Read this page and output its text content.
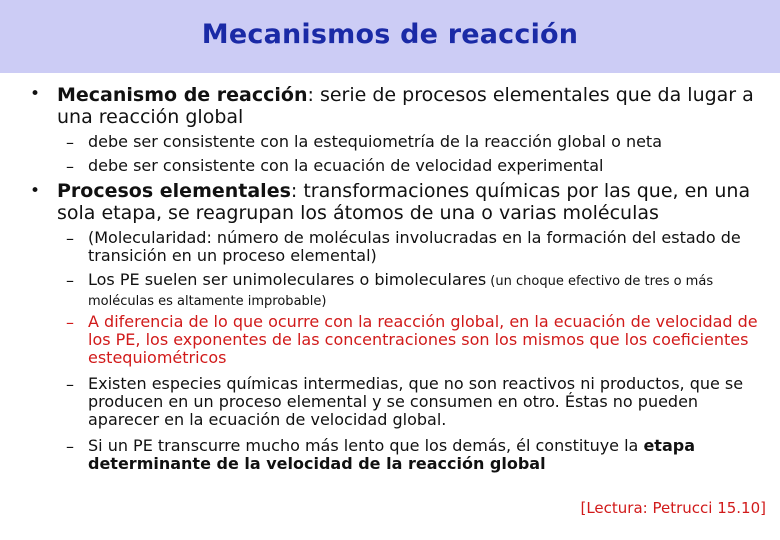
Mecanismos de reacción
• Mecanismo de reacción: serie de procesos elementales que da lugar a una reacción global
– debe ser consistente con la estequiometría de la reacción global o neta
– debe ser consistente con la ecuación de velocidad experimental
• Procesos elementales: transformaciones químicas por las que, en una sola etapa, se reagrupan los átomos de una o varias moléculas
– (Molecularidad: número de moléculas involucradas en la formación del estado de transición en un proceso elemental)
– Los PE suelen ser unimoleculares o bimoleculares (un choque efectivo de tres o más moléculas es altamente improbable)
– A diferencia de lo que ocurre con la reacción global, en la ecuación de velocidad de los PE, los exponentes de las concentraciones son los mismos que los coeficientes estequiométricos
– Existen especies químicas intermedias, que no son reactivos ni productos, que se producen en un proceso elemental y se consumen en otro. Éstas no pueden aparecer en la ecuación de velocidad global.
– Si un PE transcurre mucho más lento que los demás, él constituye la etapa determinante de la velocidad de la reacción global
[Lectura: Petrucci 15.10]
